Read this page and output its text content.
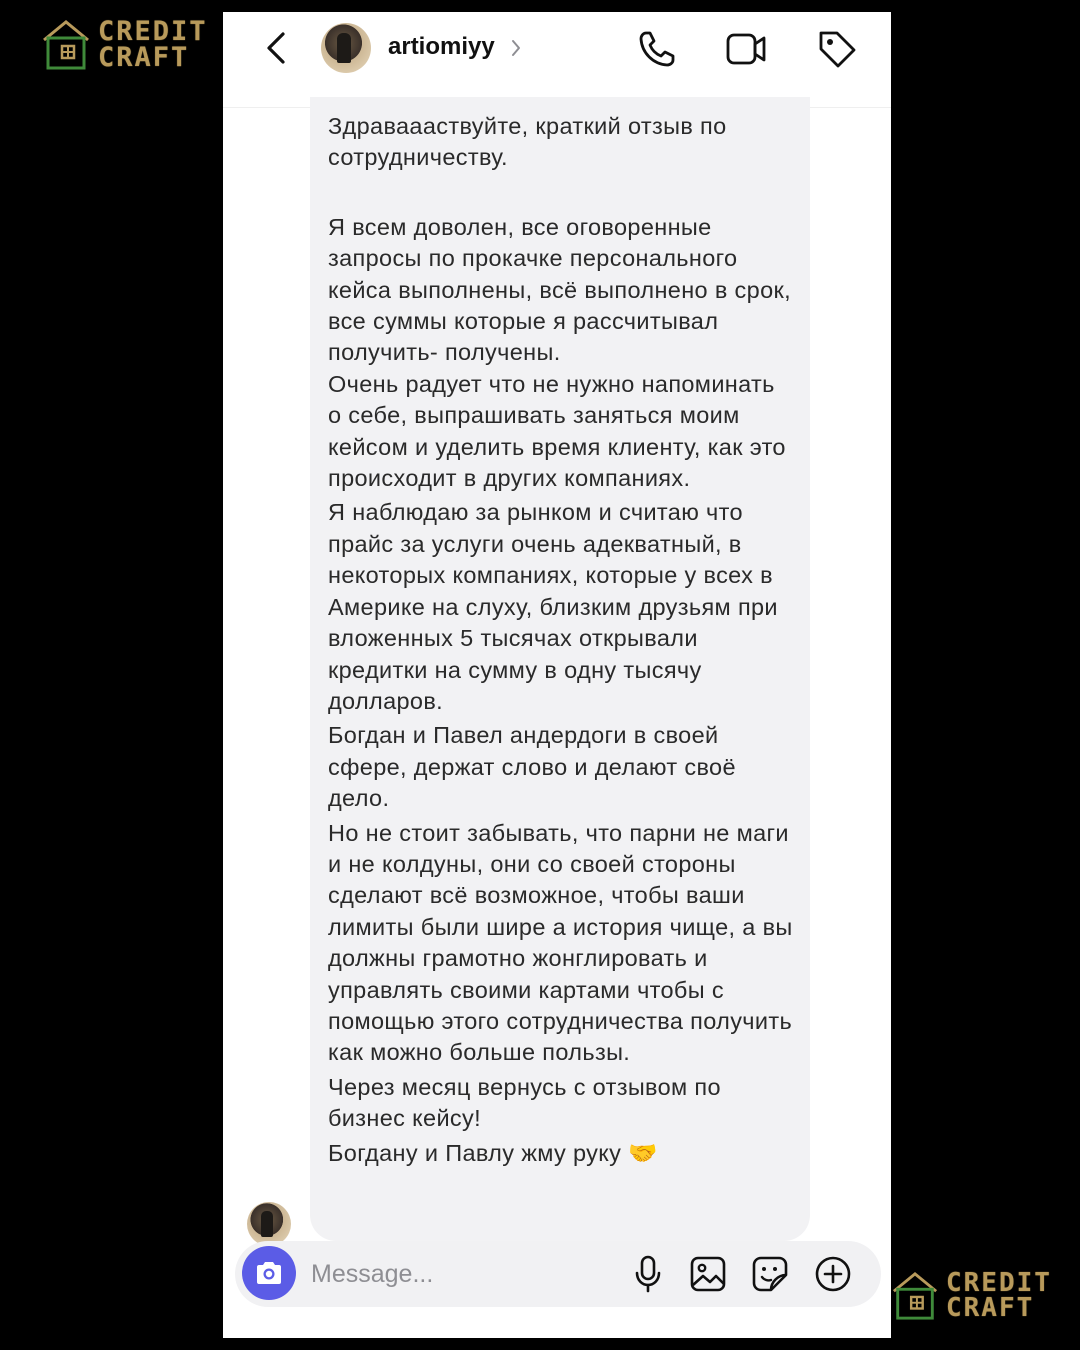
CREDIT
CRAFT	artiomiyy

Здраваааствуйте, краткий отзыв по сотрудничеству.

Я всем доволен, все оговоренные запросы по прокачке персонального кейса выполнены, всё выполнено в срок, все суммы которые я рассчитывал получить- получены.
Очень радует что не нужно напоминать о себе, выпрашивать заняться моим кейсом и уделить время клиенту, как это происходит в других компаниях.

Я наблюдаю за рынком и считаю что прайс за услуги очень адекватный, в некоторых компаниях, которые у всех в Америке на слуху, близким друзьям при вложенных 5 тысячах открывали кредитки на сумму в одну тысячу долларов.

Богдан и Павел андердоги в своей сфере, держат слово и делают своё дело.

Но не стоит забывать, что парни не маги и не колдуны, они со своей стороны сделают всё возможное, чтобы ваши лимиты были шире а история чище, а вы должны грамотно жонглировать и управлять своими картами чтобы с помощью этого сотрудничества получить как можно больше пользы.

Через месяц вернусь с отзывом по бизнес кейсу!

Богдану и Павлу жму руку 🤝

Message...
CREDIT
CRAFT
